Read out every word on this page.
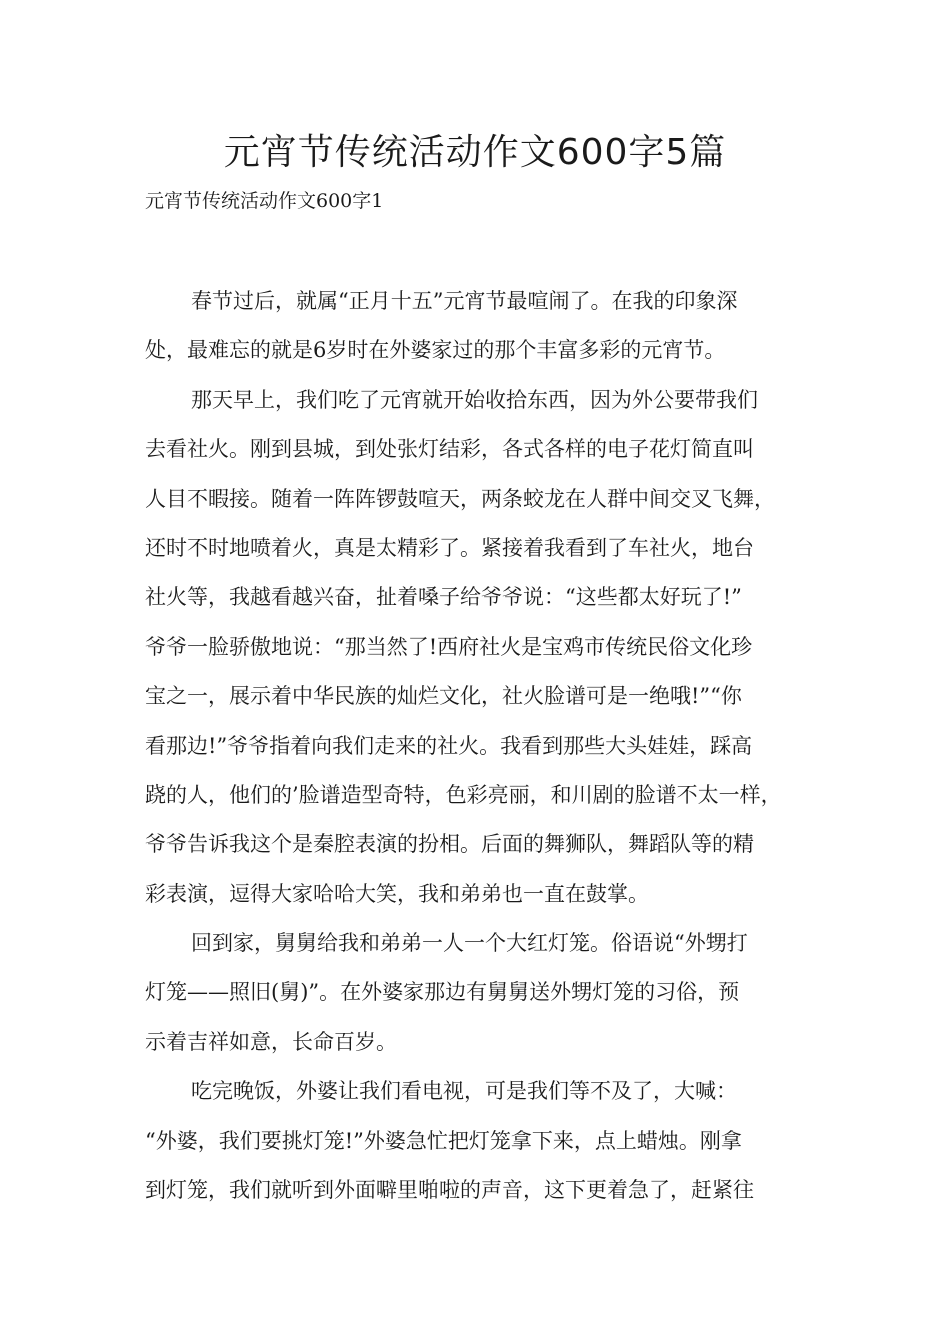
元宵节传统活动作文600字5篇
元宵节传统活动作文600字1
春节过后，就属“正月十五”元宵节最喧闹了。在我的印象深
处，最难忘的就是6岁时在外婆家过的那个丰富多彩的元宵节。
那天早上，我们吃了元宵就开始收拾东西，因为外公要带我们
去看社火。刚到县城，到处张灯结彩，各式各样的电子花灯简直叫
人目不暇接。随着一阵阵锣鼓喧天，两条蛟龙在人群中间交叉飞舞，
还时不时地喷着火，真是太精彩了。紧接着我看到了车社火，地台
社火等，我越看越兴奋，扯着嗓子给爷爷说：“这些都太好玩了!”
爷爷一脸骄傲地说：“那当然了!西府社火是宝鸡市传统民俗文化珍
宝之一，展示着中华民族的灿烂文化，社火脸谱可是一绝哦!”“你
看那边!”爷爷指着向我们走来的社火。我看到那些大头娃娃，踩高
跷的人，他们的’脸谱造型奇特，色彩亮丽，和川剧的脸谱不太一样，
爷爷告诉我这个是秦腔表演的扮相。后面的舞狮队，舞蹈队等的精
彩表演，逗得大家哈哈大笑，我和弟弟也一直在鼓掌。
回到家，舅舅给我和弟弟一人一个大红灯笼。俗语说“外甥打
灯笼——照旧(舅)”。在外婆家那边有舅舅送外甥灯笼的习俗，预
示着吉祥如意，长命百岁。
吃完晚饭，外婆让我们看电视，可是我们等不及了，大喊：
“外婆，我们要挑灯笼!”外婆急忙把灯笼拿下来，点上蜡烛。刚拿
到灯笼，我们就听到外面噼里啪啦的声音，这下更着急了，赶紧往
